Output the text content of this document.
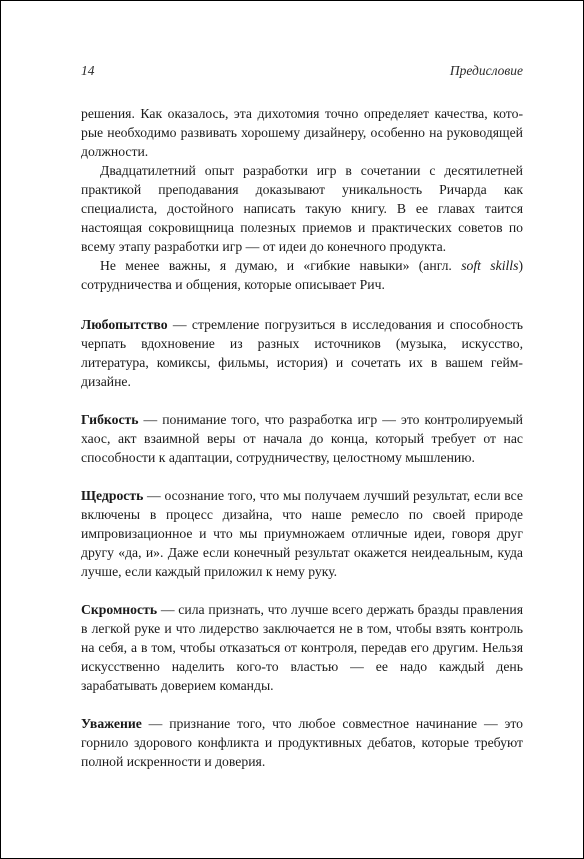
14	Предисловие

решения. Как оказалось, эта дихотомия точно определяет качества, которые необходимо развивать хорошему дизайнеру, особенно на руководящей должности.

Двадцатилетний опыт разработки игр в сочетании с десятилетней практикой преподавания доказывают уникальность Ричарда как специалиста, достойного написать такую книгу. В ее главах таится настоящая сокровищница полезных приемов и практических советов по всему этапу разработки игр — от идеи до конечного продукта.

Не менее важны, я думаю, и «гибкие навыки» (англ. soft skills) сотрудничества и общения, которые описывает Рич.

Любопытство — стремление погрузиться в исследования и способность черпать вдохновение из разных источников (музыка, искусство, литература, комиксы, фильмы, история) и сочетать их в вашем гейм-дизайне.

Гибкость — понимание того, что разработка игр — это контролируемый хаос, акт взаимной веры от начала до конца, который требует от нас способности к адаптации, сотрудничеству, целостному мышлению.

Щедрость — осознание того, что мы получаем лучший результат, если все включены в процесс дизайна, что наше ремесло по своей природе импровизационное и что мы приумножаем отличные идеи, говоря друг другу «да, и». Даже если конечный результат окажется неидеальным, куда лучше, если каждый приложил к нему руку.

Скромность — сила признать, что лучше всего держать бразды правления в легкой руке и что лидерство заключается не в том, чтобы взять контроль на себя, а в том, чтобы отказаться от контроля, передав его другим. Нельзя искусственно наделить кого-то властью — ее надо каждый день зарабатывать доверием команды.

Уважение — признание того, что любое совместное начинание — это горнило здорового конфликта и продуктивных дебатов, которые требуют полной искренности и доверия.
